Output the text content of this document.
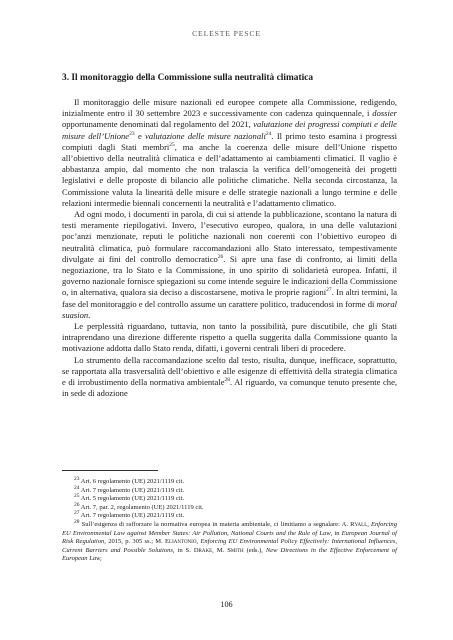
CELESTE PESCE
3. Il monitoraggio della Commissione sulla neutralità climatica

Il monitoraggio delle misure nazionali ed europee compete alla Commissione, redigendo, inizialmente entro il 30 settembre 2023 e successivamente con cadenza quinquennale, i dossier opportunamente denominati dal regolamento del 2021, valutazione dei progressi compiuti e delle misure dell’Unione$^{23}$ e valutazione delle misure nazionali$^{24}$. Il primo testo esamina i progressi compiuti dagli Stati membri$^{25}$, ma anche la coerenza delle misure dell’Unione rispetto all’obiettivo della neutralità climatica e dell’adattamento ai cambiamenti climatici. Il vaglio è abbastanza ampio, dal momento che non tralascia la verifica dell’omogeneità dei progetti legislativi e delle proposte di bilancio alle politiche climatiche. Nella seconda circostanza, la Commissione valuta la linearità delle misure e delle strategie nazionali a lungo termine e delle relazioni intermedie biennali concernenti la neutralità e l’adattamento climatico.

Ad ogni modo, i documenti in parola, di cui si attende la pubblicazione, scontano la natura di testi meramente riepilogativi. Invero, l’esecutivo europeo, qualora, in una delle valutazioni poc’anzi menzionate, reputi le politiche nazionali non coerenti con l’obiettivo europeo di neutralità climatica, può formulare raccomandazioni allo Stato interessato, tempestivamente divulgate ai fini del controllo democratico$^{26}$. Si apre una fase di confronto, ai limiti della negoziazione, tra lo Stato e la Commissione, in uno spirito di solidarietà europea. Infatti, il governo nazionale fornisce spiegazioni su come intende seguire le indicazioni della Commissione o, in alternativa, qualora sia deciso a discostarsene, motiva le proprie ragioni$^{27}$. In altri termini, la fase del monitoraggio e del controllo assume un carattere politico, traducendosi in forme di moral suasion.

Le perplessità riguardano, tuttavia, non tanto la possibilità, pure discutibile, che gli Stati intraprendano una direzione differente rispetto a quella suggerita dalla Commissione quanto la motivazione addotta dallo Stato renda, difatti, i governi centrali liberi di procedere.

Lo strumento della raccomandazione scelto dal testo, risulta, dunque, inefficace, soprattutto, se rapportata alla trasversalità dell’obiettivo e alle esigenze di effettività della strategia climatica e di irrobustimento della normativa ambientale$^{28}$. Al riguardo, va comunque tenuto presente che, in sede di adozione

$^{23}$ Art. 6 regolamento (UE) 2021/1119 cit.

$^{24}$ Art. 7 regolamento (UE) 2021/1119 cit.

$^{25}$ Art. 5 regolamento (UE) 2021/1119 cit.

$^{26}$ Art. 7, par. 2, regolamento (UE) 2021/1119 cit.

$^{27}$ Art. 7 regolamento (UE) 2021/1119 cit.

$^{28}$ Sull’esigenza di rafforzare la normativa europea in materia ambientale, ci limitiamo a segnalare: A. Ryall, Enforcing EU Environmental Law against Member States: Air Pollution, National Courts and the Rule of Law, in European Journal of Risk Regulation, 2015, p. 305 ss.; M. Eliantonio, Enforcing EU Environmental Policy Effectively: International Influences, Current Barriers and Possible Solutions, in S. Drake, M. Smith (eds.), New Directions in the Effective Enforcement of European Law,

106
